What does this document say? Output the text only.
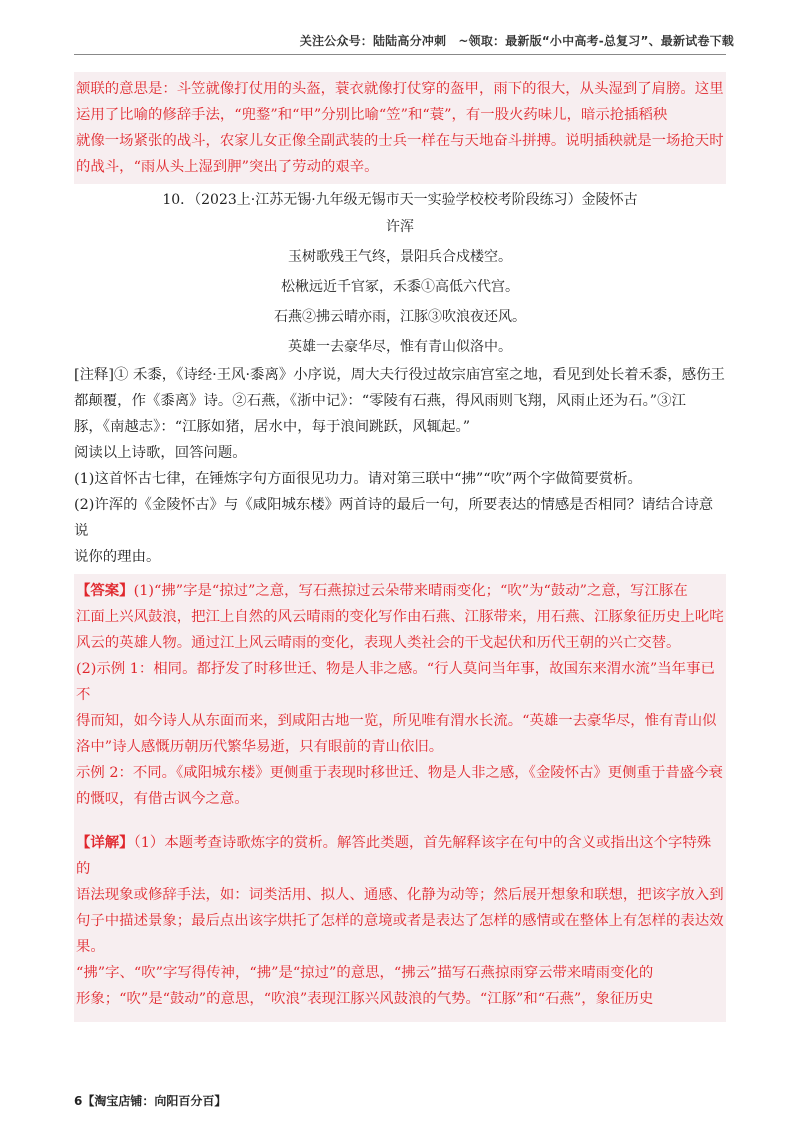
关注公众号：陆陆高分冲刺　~领取：最新版“小中高考-总复习”、最新试卷下载

颔联的意思是：斗笠就像打仗用的头盔，蓑衣就像打仗穿的盔甲，雨下的很大，从头湿到了肩膀。这里

运用了比喻的修辞手法，“兜鍪”和“甲”分别比喻“笠”和“蓑”，有一股火药味儿，暗示抢插稻秧

就像一场紧张的战斗，农家儿女正像全副武装的士兵一样在与天地奋斗拼搏。说明插秧就是一场抢天时

的战斗，“雨从头上湿到胛”突出了劳动的艰辛。

10．（2023上·江苏无锡·九年级无锡市天一实验学校校考阶段练习）金陵怀古
许浑
玉树歌残王气终，景阳兵合戍楼空。
松楸远近千官冢，禾黍①高低六代宫。
石燕②拂云晴亦雨，江豚③吹浪夜还风。
英雄一去豪华尽，惟有青山似洛中。

[注释]① 禾黍，《诗经·王风·黍离》小序说，周大夫行役过故宗庙宫室之地，看见到处长着禾黍，感伤王

都颠覆，作《黍离》诗。②石燕，《浙中记》：“零陵有石燕，得风雨则飞翔，风雨止还为石。”③江

豚，《南越志》：“江豚如猪，居水中，每于浪间跳跃，风辄起。”

阅读以上诗歌，回答问题。

(1)这首怀古七律，在锤炼字句方面很见功力。请对第三联中“拂”“吹”两个字做简要赏析。

(2)许浑的《金陵怀古》与《咸阳城东楼》两首诗的最后一句，所要表达的情感是否相同？请结合诗意说

说你的理由。

【答案】(1)“拂”字是“掠过”之意，写石燕掠过云朵带来晴雨变化；“吹”为“鼓动”之意，写江豚在

江面上兴风鼓浪，把江上自然的风云晴雨的变化写作由石燕、江豚带来，用石燕、江豚象征历史上叱咤

风云的英雄人物。通过江上风云晴雨的变化，表现人类社会的干戈起伏和历代王朝的兴亡交替。

(2)示例 1：相同。都抒发了时移世迁、物是人非之感。“行人莫问当年事，故国东来渭水流”当年事已不

得而知，如今诗人从东面而来，到咸阳古地一览，所见唯有渭水长流。“英雄一去豪华尽，惟有青山似

洛中”诗人感慨历朝历代繁华易逝，只有眼前的青山依旧。

示例 2：不同。《咸阳城东楼》更侧重于表现时移世迁、物是人非之感，《金陵怀古》更侧重于昔盛今衰

的慨叹，有借古讽今之意。

【详解】（1）本题考查诗歌炼字的赏析。解答此类题，首先解释该字在句中的含义或指出这个字特殊的

语法现象或修辞手法，如：词类活用、拟人、通感、化静为动等；然后展开想象和联想，把该字放入到

句子中描述景象；最后点出该字烘托了怎样的意境或者是表达了怎样的感情或在整体上有怎样的表达效

果。

“拂”字、“吹”字写得传神，“拂”是“掠过”的意思，“拂云”描写石燕掠雨穿云带来晴雨变化的

形象；“吹”是“鼓动”的意思，“吹浪”表现江豚兴风鼓浪的气势。“江豚”和“石燕”，象征历史

6【淘宝店铺：向阳百分百】
